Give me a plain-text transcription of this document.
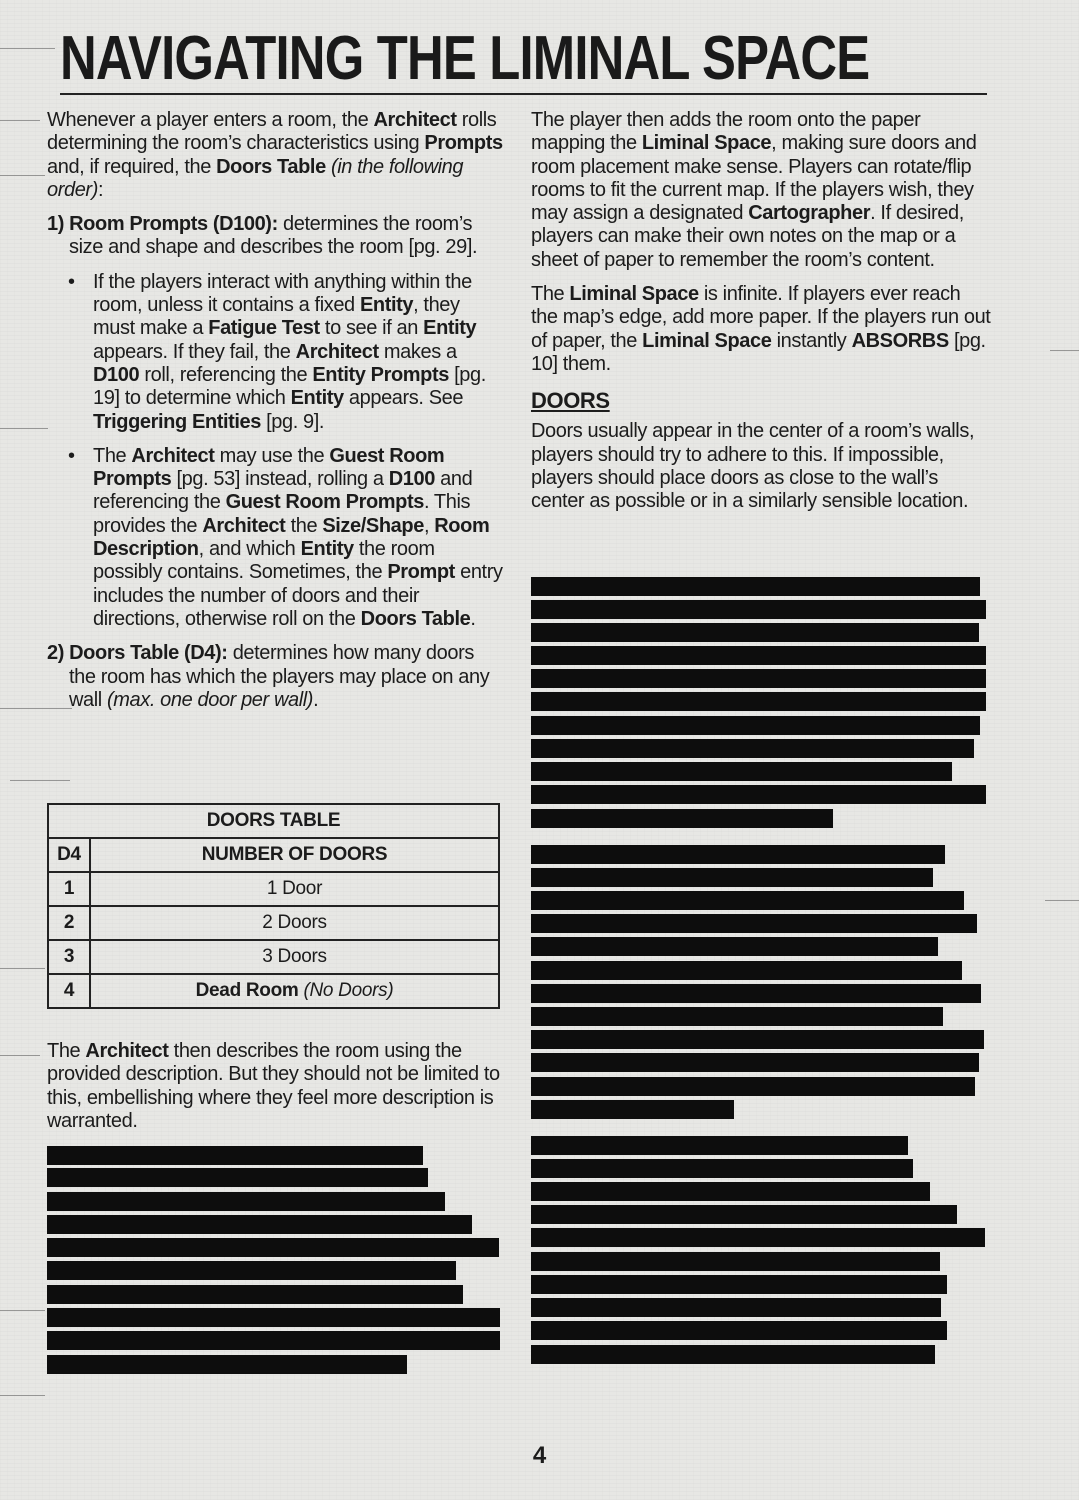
NAVIGATING THE LIMINAL SPACE

Whenever a player enters a room, the Architect rolls determining the room’s characteristics using Prompts and, if required, the Doors Table (in the following order):

1) Room Prompts (D100): determines the room’s size and shape and describes the room [pg. 29].

• If the players interact with anything within the room, unless it contains a fixed Entity, they must make a Fatigue Test to see if an Entity appears. If they fail, the Architect makes a D100 roll, referencing the Entity Prompts [pg. 19] to determine which Entity appears. See Triggering Entities [pg. 9].

• The Architect may use the Guest Room Prompts [pg. 53] instead, rolling a D100 and referencing the Guest Room Prompts. This provides the Architect the Size/Shape, Room Description, and which Entity the room possibly contains. Sometimes, the Prompt entry includes the number of doors and their directions, otherwise roll on the Doors Table.

2) Doors Table (D4): determines how many doors the room has which the players may place on any wall (max. one door per wall).

DOORS TABLE	
D4	NUMBER OF DOORS
1	1 Door
2	2 Doors
3	3 Doors
4	Dead Room (No Doors)
The Architect then describes the room using the provided description. But they should not be limited to this, embellishing where they feel more description is warranted.

The player then adds the room onto the paper mapping the Liminal Space, making sure doors and room placement make sense. Players can rotate/flip rooms to fit the current map. If the players wish, they may assign a designated Cartographer. If desired, players can make their own notes on the map or a sheet of paper to remember the room’s content.

The Liminal Space is infinite. If players ever reach the map’s edge, add more paper. If the players run out of paper, the Liminal Space instantly ABSORBS [pg. 10] them.

DOORS

Doors usually appear in the center of a room’s walls, players should try to adhere to this. If impossible, players should place doors as close to the wall’s center as possible or in a similarly sensible location.

4
